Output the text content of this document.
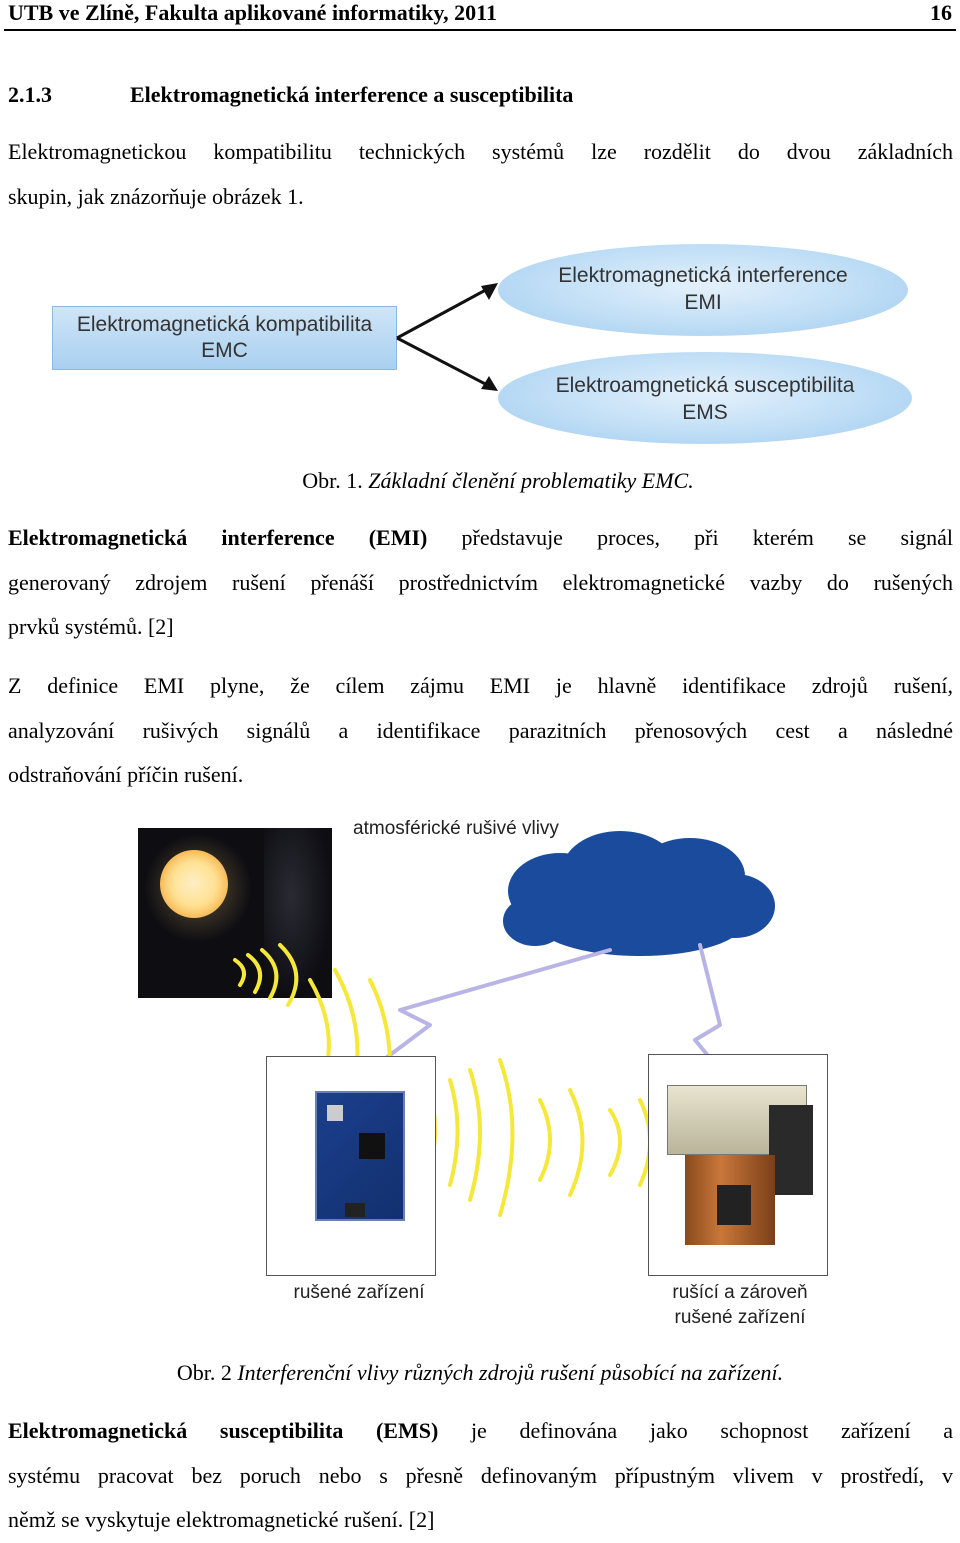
UTB ve Zlíně, Fakulta aplikované informatiky, 2011	16
2.1.3	Elektromagnetická interference a susceptibilita
Elektromagnetickou kompatibilitu technických systémů lze rozdělit do dvou základních
skupin, jak znázorňuje obrázek 1.
Elektromagnetická kompatibilita
EMC
Elektromagnetická interference
EMI
Elektroamgnetická susceptibilita
EMS
Obr. 1. Základní členění problematiky EMC.
Elektromagnetická interference (EMI) představuje proces, při kterém se signál
generovaný zdrojem rušení přenáší prostřednictvím elektromagnetické vazby do rušených
prvků systémů. [2]
Z definice EMI plyne, že cílem zájmu EMI je hlavně identifikace zdrojů rušení,
analyzování rušivých signálů a identifikace parazitních přenosových cest a následné
odstraňování příčin rušení.
atmosférické rušivé vlivy
rušené zařízení	rušící a zároveň
rušené zařízení
Obr. 2 Interferenční vlivy různých zdrojů rušení působící na zařízení.
Elektromagnetická susceptibilita (EMS) je definována jako schopnost zařízení a
systému pracovat bez poruch nebo s přesně definovaným přípustným vlivem v prostředí, v
němž se vyskytuje elektromagnetické rušení. [2]
